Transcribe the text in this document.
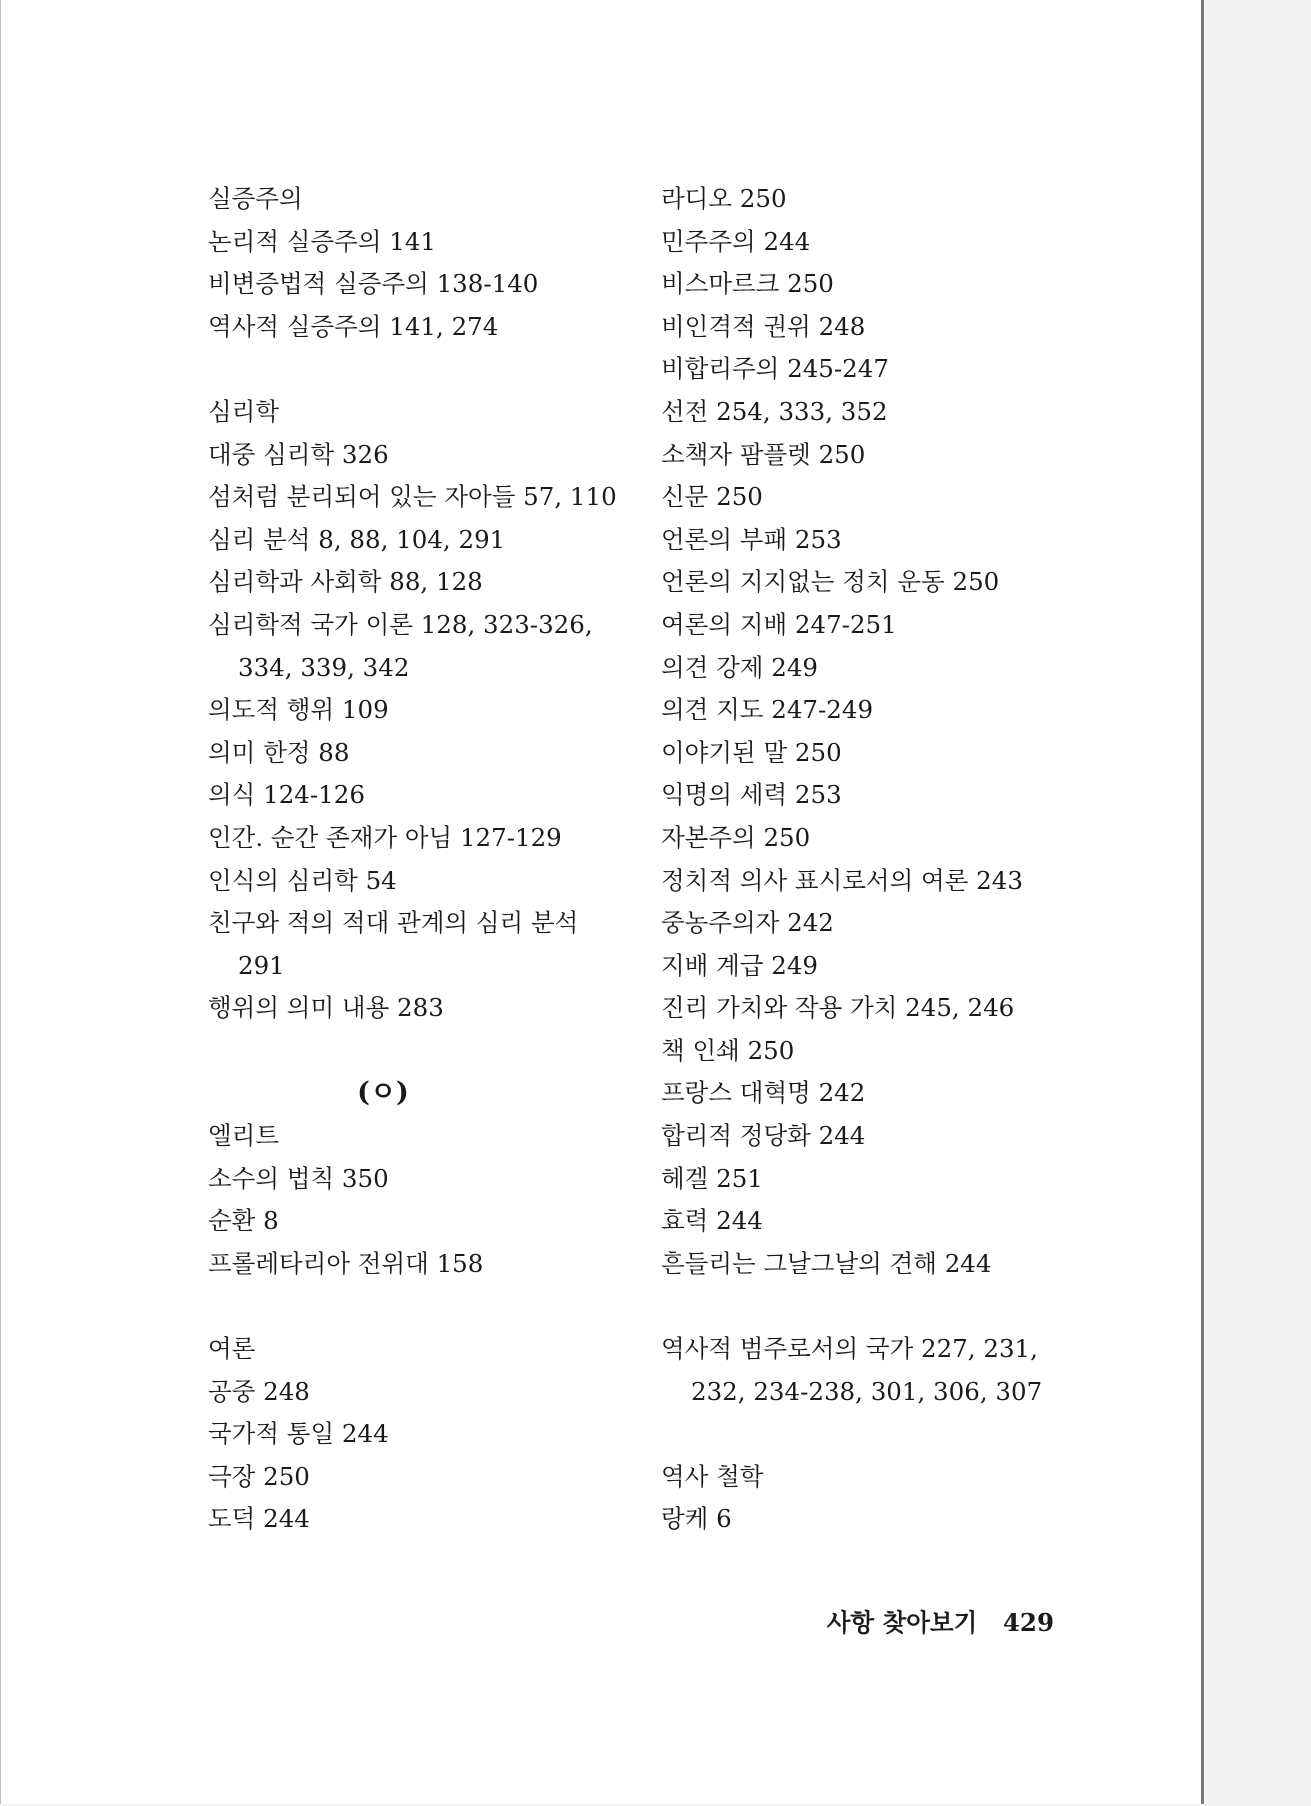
실증주의
논리적 실증주의 141
비변증법적 실증주의 138-140
역사적 실증주의 141, 274
심리학
대중 심리학 326
섬처럼 분리되어 있는 자아들 57, 110
심리 분석 8, 88, 104, 291
심리학과 사회학 88, 128
심리학적 국가 이론 128, 323-326,
334, 339, 342
의도적 행위 109
의미 한정 88
의식 124-126
인간. 순간 존재가 아님 127-129
인식의 심리학 54
친구와 적의 적대 관계의 심리 분석
291
행위의 의미 내용 283
(ㅇ)
엘리트
소수의 법칙 350
순환 8
프롤레타리아 전위대 158
여론
공중 248
국가적 통일 244
극장 250
도덕 244
라디오 250
민주주의 244
비스마르크 250
비인격적 권위 248
비합리주의 245-247
선전 254, 333, 352
소책자 팜플렛 250
신문 250
언론의 부패 253
언론의 지지없는 정치 운동 250
여론의 지배 247-251
의견 강제 249
의견 지도 247-249
이야기된 말 250
익명의 세력 253
자본주의 250
정치적 의사 표시로서의 여론 243
중농주의자 242
지배 계급 249
진리 가치와 작용 가치 245, 246
책 인쇄 250
프랑스 대혁명 242
합리적 정당화 244
헤겔 251
효력 244
흔들리는 그날그날의 견해 244
역사적 범주로서의 국가 227, 231,
232, 234-238, 301, 306, 307
역사 철학
랑케 6
사항 찾아보기 429
